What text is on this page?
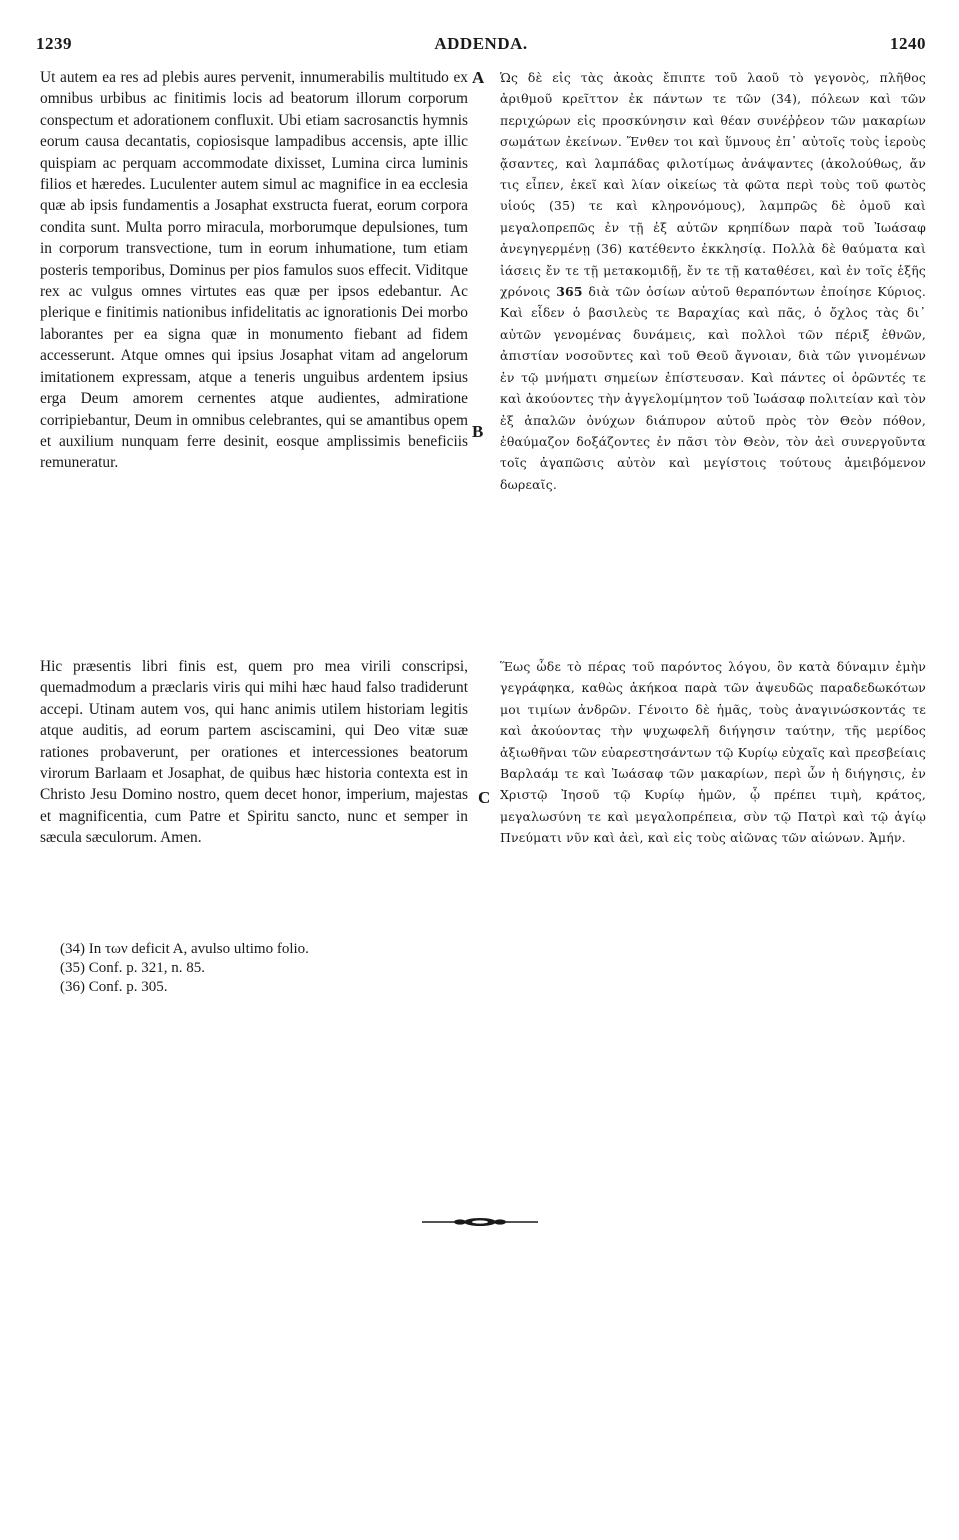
1239	ADDENDA.	1240

Ut autem ea res ad plebis aures pervenit, innumerabilis multitudo ex omnibus urbibus ac finitimis locis ad beatorum illorum corporum conspectum et adorationem confluxit. Ubi etiam sacrosanctis hymnis eorum causa decantatis, copiosisque lampadibus accensis, apte illic quispiam ac perquam accommodate dixisset, Lumina circa luminis filios et hæredes. Luculenter autem simul ac magnifice in ea ecclesia quæ ab ipsis fundamentis a Josaphat exstructa fuerat, eorum corpora condita sunt. Multa porro miracula, morborumque depulsiones, tum in corporum transvectione, tum in eorum inhumatione, tum etiam posteris temporibus, Dominus per pios famulos suos effecit. Viditque rex ac vulgus omnes virtutes eas quæ per ipsos edebantur. Ac plerique e finitimis nationibus infidelitatis ac ignorationis Dei morbo laborantes per ea signa quæ in monumento fiebant ad fidem accesserunt. Atque omnes qui ipsius Josaphat vitam ad angelorum imitationem expressam, atque a teneris unguibus ardentem ipsius erga Deum amorem cernentes atque audientes, admiratione corripiebantur, Deum in omnibus celebrantes, qui se amantibus opem et auxilium nunquam ferre desinit, eosque amplissimis beneficiis remuneratur.

Hic præsentis libri finis est, quem pro mea virili conscripsi, quemadmodum a præclaris viris qui mihi hæc haud falso tradiderunt accepi. Utinam autem vos, qui hanc animis utilem historiam legitis atque auditis, ad eorum partem asciscamini, qui Deo vitæ suæ rationes probaverunt, per orationes et intercessiones beatorum virorum Barlaam et Josaphat, de quibus hæc historia contexta est in Christo Jesu Domino nostro, quem decet honor, imperium, majestas et magnificentia, cum Patre et Spiritu sancto, nunc et semper in sæcula sæculorum. Amen.

A
B
C

Ὡς δὲ εἰς τὰς ἀκοὰς ἔπιπτε τοῦ λαοῦ τὸ γεγονὸς, πλῆθος ἀριθμοῦ κρεῖττον ἐκ πάντων τε τῶν (34), πόλεων καὶ τῶν περιχώρων εἰς προσκύνησιν καὶ θέαν συνέῤῥεον τῶν μακαρίων σωμάτων ἐκείνων. Ἔνθεν τοι καὶ ὕμνους ἐπ᾽ αὐτοῖς τοὺς ἱεροὺς ᾄσαντες, καὶ λαμπάδας φιλοτίμως ἀνάψαντες (ἀκολούθως, ἄν τις εἶπεν, ἐκεῖ καὶ λίαν οἰκείως τὰ φῶτα περὶ τοὺς τοῦ φωτὸς υἱούς (35) τε καὶ κληρονόμους), λαμπρῶς δὲ ὁμοῦ καὶ μεγαλοπρεπῶς ἐν τῇ ἐξ αὐτῶν κρηπίδων παρὰ τοῦ Ἰωάσαφ ἀνεγηγερμένῃ (36) κατέθεντο ἐκκλησίᾳ. Πολλὰ δὲ θαύματα καὶ ἰάσεις ἔν τε τῇ μετακομιδῇ, ἔν τε τῇ καταθέσει, καὶ ἐν τοῖς ἑξῆς χρόνοις 365 διὰ τῶν ὁσίων αὐτοῦ θεραπόντων ἐποίησε Κύριος. Καὶ εἶδεν ὁ βασιλεὺς τε Βαραχίας καὶ πᾶς, ὁ ὄχλος τὰς δι᾽ αὐτῶν γενομένας δυνάμεις, καὶ πολλοὶ τῶν πέριξ ἐθνῶν, ἀπιστίαν νοσοῦντες καὶ τοῦ Θεοῦ ἄγνοιαν, διὰ τῶν γινομένων ἐν τῷ μνήματι σημείων ἐπίστευσαν. Καὶ πάντες οἱ ὁρῶντές τε καὶ ἀκούοντες τὴν ἀγγελομίμητον τοῦ Ἰωάσαφ πολιτείαν καὶ τὸν ἐξ ἁπαλῶν ὀνύχων διάπυρον αὐτοῦ πρὸς τὸν Θεὸν πόθον, ἐθαύμαζον δοξάζοντες ἐν πᾶσι τὸν Θεὸν, τὸν ἀεὶ συνεργοῦντα τοῖς ἀγαπῶσις αὐτὸν καὶ μεγίστοις τούτους ἀμειβόμενον δωρεαῖς.

Ἕως ὧδε τὸ πέρας τοῦ παρόντος λόγου, ὃν κατὰ δύναμιν ἐμὴν γεγράφηκα, καθὼς ἀκήκοα παρὰ τῶν ἀψευδῶς παραδεδωκότων μοι τιμίων ἀνδρῶν. Γένοιτο δὲ ἡμᾶς, τοὺς ἀναγινώσκοντάς τε καὶ ἀκούοντας τὴν ψυχωφελῆ διήγησιν ταύτην, τῆς μερίδος ἀξιωθῆναι τῶν εὐαρεστησάντων τῷ Κυρίῳ εὐχαῖς καὶ πρεσβείαις Βαρλαάμ τε καὶ Ἰωάσαφ τῶν μακαρίων, περὶ ὧν ἡ διήγησις, ἐν Χριστῷ Ἰησοῦ τῷ Κυρίῳ ἡμῶν, ᾧ πρέπει τιμὴ, κράτος, μεγαλωσύνη τε καὶ μεγαλοπρέπεια, σὺν τῷ Πατρὶ καὶ τῷ ἁγίῳ Πνεύματι νῦν καὶ ἀεὶ, καὶ εἰς τοὺς αἰῶνας τῶν αἰώνων. Ἀμήν.

(34) In των deficit A, avulso ultimo folio.
(35) Conf. p. 321, n. 85.
(36) Conf. p. 305.
